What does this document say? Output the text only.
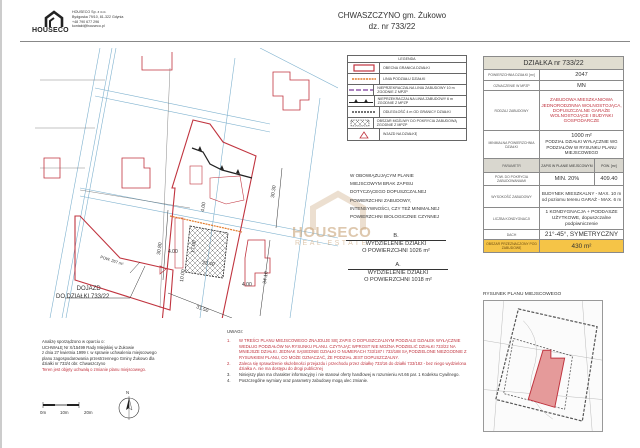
HOUSECO
HOUSECO Sp. z o.o.
Bydgoska 79/10, 81-322 Gdynia
+48 790 677 296
kontakt@houseco.pl
CHWASZCZYNO gm. Żukowo
dz. nr 733/22
30.30
4.00
30.80 4.00 17.00
23.40
10.00
4.00
34.10
31.50
POW. 267 m²
DOJAZD
DO DZIAŁKI 733/22
HOUSECO
REAL ESTATE
LEGENDA
OBECNA GRANICA DZIAŁKI
LINIA PODZIAŁU DZIAŁKI
NIEPRZEKRACZALNA LINIA ZABUDOWY 10 m ZGODNIE Z MPZP
NIEPRZEKRACZALNA LINIA ZABUDOWY 6 m ZGODNIE Z MPZP
ODLEGŁOŚĆ 4 m OD GRANICY DZIAŁKI
OBSZAR MOŻLIWY DO POKRYCIA ZABUDOWĄ ZGODNIE Z MPZP
WJAZD NA DZIAŁKĘ
W OBOWIĄZUJĄCYM PLANIE
MIEJSCOWYM BRAK ZAPISU
DOTYCZĄCEGO DOPUSZCZALNEJ
POWIERZCHNI ZABUDOWY,
INTENSYWNOŚCI, CZY TEŻ MINIMALNEJ
POWIERZCHNI BIOLOGICZNIE CZYNNEJ
B.
WYDZIELENIE DZIAŁKI
O POWIERZCHNI 1026 m²
A.
WYDZIELENIE DZIAŁKI
O POWIERZCHNI 1018 m²
DZIAŁKA nr 733/22		
POWIERZCHNIA DZIAŁKI [m²]	2047	
OZNACZENIE W MPZP	MN	
RODZAJ ZABUDOWY	ZABUDOWA MIESZKANIOWA JEDNORODZINNA WOLNOSTOJĄCA, DOPUSZCZALNE GARAŻE WOLNOSTOJĄCE I BUDYNKI GOSPODARCZE	
MINIMALNA POWIERZCHNIA DZIAŁKI	1000 m²
PODZIAŁ DZIAŁKI WYŁĄCZNIE WG PODZIAŁÓW W RYSUNKU PLANU MIEJSCOWEGO	

PARAMETR	ZAPIS W PLANIE MIEJSCOWYM	POW. [m²]
POW. DO POKRYCIA ZABUDOWANIAMI	MIN. 20%	409.40
WYSOKOŚĆ ZABUDOWY	BUDYNEK MIESZKALNY - MAX. 10 m od poziomu terenu GARAŻ - MAX. 6 m	
LICZBA KONDYGNACJI	1 KONDYGNACJA + PODDASZE UŻYTKOWE, dopuszczalne podpiwniczenie	
DACH	21°-45°, SYMETRYCZNY	
OBSZAR PRZEZNACZONY POD ZABUDOWĘ	430 m²	
RYSUNEK PLANU MIEJSCOWEGO
Analizę sporządzono w oparciu o:
UCHWAŁĘ Nr X/15499 Rady Miejskiej w Żukowie
z dnia 27 kwietnia 1999 r. w sprawie uchwalenia miejscowego
planu zagospodarowania przestrzennego Gminy Żukowo dla
działki nr 733/4 obr. Chwaszczyno
Teren jest objęty uchwałą o zmianie planu miejscowego.
0m	10m	20m
N
UWAGI:
1.	W TREŚCI PLANU MIEJSCOWEGO ZNAJDUJE SIĘ ZAPIS O DOPUSZCZALNYM PODZIALE DZIAŁEK WYŁĄCZNIE WEDŁUG PODZIAŁÓW NA RYSUNKU PLANU. CZYTAJĄC WPROST NIE MOŻNA PODZIELIĆ DZIAŁKI 733/22 NA MNIEJSZE DZIAŁKI. JEDNAK SĄSIEDNIE DZIAŁKI O NUMERACH 733/187 I 733/188 SĄ PODZIELONE NIEZGODNIE Z RYSUNKIEM PLANU, CO MOŻE OZNACZAĆ, ŻE PODZIAŁ JEST DOPUSZCZALNY.
2.	Zaleca się sprawdzenie służebności przejazdu i przechodu przez działkę 733/16 do działki 733/182 - bez niego wydzielona działka A. nie ma dostępu do drogi publicznej
3.	Niniejszy plan ma charakter informacyjny i nie stanowi oferty handlowej w rozumieniu Art.66 par. 1 Kodeksu Cywilnego.
4.	Poszczególne wymiary oraz parametry zabudowy mogą ulec zmianie.
